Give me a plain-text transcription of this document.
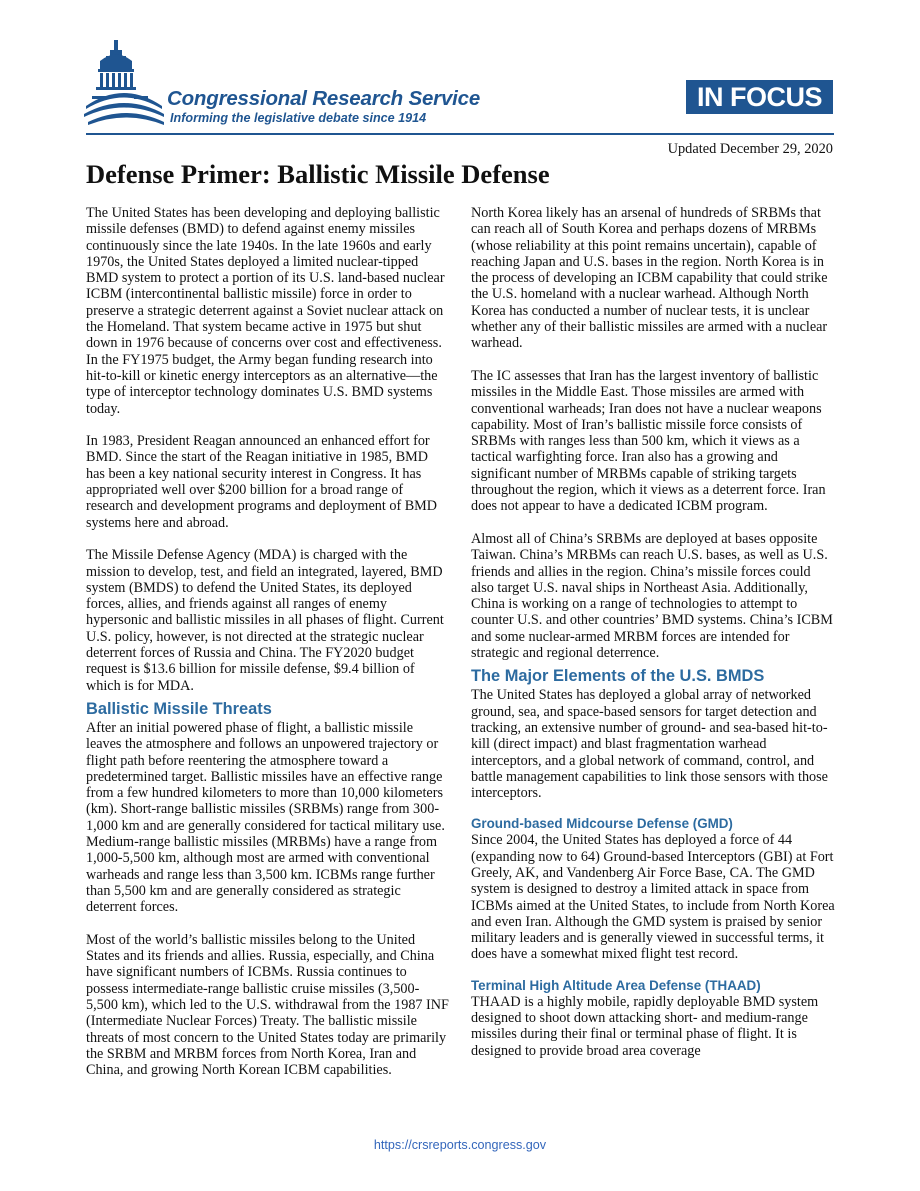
Congressional Research Service
Informing the legislative debate since 1914
IN FOCUS
Updated December 29, 2020
Defense Primer: Ballistic Missile Defense

The United States has been developing and deploying ballistic missile defenses (BMD) to defend against enemy missiles continuously since the late 1940s. In the late 1960s and early 1970s, the United States deployed a limited nuclear-tipped BMD system to protect a portion of its U.S. land-based nuclear ICBM (intercontinental ballistic missile) force in order to preserve a strategic deterrent against a Soviet nuclear attack on the Homeland. That system became active in 1975 but shut down in 1976 because of concerns over cost and effectiveness. In the FY1975 budget, the Army began funding research into hit-to-kill or kinetic energy interceptors as an alternative—the type of interceptor technology dominates U.S. BMD systems today.

In 1983, President Reagan announced an enhanced effort for BMD. Since the start of the Reagan initiative in 1985, BMD has been a key national security interest in Congress. It has appropriated well over $200 billion for a broad range of research and development programs and deployment of BMD systems here and abroad.

The Missile Defense Agency (MDA) is charged with the mission to develop, test, and field an integrated, layered, BMD system (BMDS) to defend the United States, its deployed forces, allies, and friends against all ranges of enemy hypersonic and ballistic missiles in all phases of flight. Current U.S. policy, however, is not directed at the strategic nuclear deterrent forces of Russia and China. The FY2020 budget request is $13.6 billion for missile defense, $9.4 billion of which is for MDA.

Ballistic Missile Threats

After an initial powered phase of flight, a ballistic missile leaves the atmosphere and follows an unpowered trajectory or flight path before reentering the atmosphere toward a predetermined target. Ballistic missiles have an effective range from a few hundred kilometers to more than 10,000 kilometers (km). Short-range ballistic missiles (SRBMs) range from 300-1,000 km and are generally considered for tactical military use. Medium-range ballistic missiles (MRBMs) have a range from 1,000-5,500 km, although most are armed with conventional warheads and range less than 3,500 km. ICBMs range further than 5,500 km and are generally considered as strategic deterrent forces.

Most of the world’s ballistic missiles belong to the United States and its friends and allies. Russia, especially, and China have significant numbers of ICBMs. Russia continues to possess intermediate-range ballistic cruise missiles (3,500-5,500 km), which led to the U.S. withdrawal from the 1987 INF (Intermediate Nuclear Forces) Treaty. The ballistic missile threats of most concern to the United States today are primarily the SRBM and MRBM forces from North Korea, Iran and China, and growing North Korean ICBM capabilities.

North Korea likely has an arsenal of hundreds of SRBMs that can reach all of South Korea and perhaps dozens of MRBMs (whose reliability at this point remains uncertain), capable of reaching Japan and U.S. bases in the region. North Korea is in the process of developing an ICBM capability that could strike the U.S. homeland with a nuclear warhead. Although North Korea has conducted a number of nuclear tests, it is unclear whether any of their ballistic missiles are armed with a nuclear warhead.

The IC assesses that Iran has the largest inventory of ballistic missiles in the Middle East. Those missiles are armed with conventional warheads; Iran does not have a nuclear weapons capability. Most of Iran’s ballistic missile force consists of SRBMs with ranges less than 500 km, which it views as a tactical warfighting force. Iran also has a growing and significant number of MRBMs capable of striking targets throughout the region, which it views as a deterrent force. Iran does not appear to have a dedicated ICBM program.

Almost all of China’s SRBMs are deployed at bases opposite Taiwan. China’s MRBMs can reach U.S. bases, as well as U.S. friends and allies in the region. China’s missile forces could also target U.S. naval ships in Northeast Asia. Additionally, China is working on a range of technologies to attempt to counter U.S. and other countries’ BMD systems. China’s ICBM and some nuclear-armed MRBM forces are intended for strategic and regional deterrence.

The Major Elements of the U.S. BMDS

The United States has deployed a global array of networked ground, sea, and space-based sensors for target detection and tracking, an extensive number of ground- and sea-based hit-to-kill (direct impact) and blast fragmentation warhead interceptors, and a global network of command, control, and battle management capabilities to link those sensors with those interceptors.

Ground-based Midcourse Defense (GMD)

Since 2004, the United States has deployed a force of 44 (expanding now to 64) Ground-based Interceptors (GBI) at Fort Greely, AK, and Vandenberg Air Force Base, CA. The GMD system is designed to destroy a limited attack in space from ICBMs aimed at the United States, to include from North Korea and even Iran. Although the GMD system is praised by senior military leaders and is generally viewed in successful terms, it does have a somewhat mixed flight test record.

Terminal High Altitude Area Defense (THAAD)

THAAD is a highly mobile, rapidly deployable BMD system designed to shoot down attacking short- and medium-range missiles during their final or terminal phase of flight. It is designed to provide broad area coverage

https://crsreports.congress.gov
